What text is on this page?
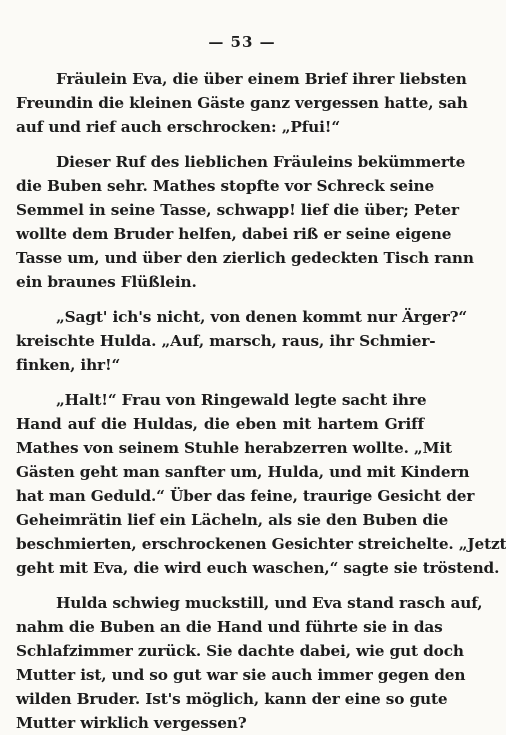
— 53 —
Fräulein Eva, die über einem Brief ihrer liebsten
Freundin die kleinen Gäste ganz vergessen hatte, sah
auf und rief auch erschrocken: „Pfui!“
Dieser Ruf des lieblichen Fräuleins bekümmerte
die Buben sehr. Mathes stopfte vor Schreck seine
Semmel in seine Tasse, schwapp! lief die über; Peter
wollte dem Bruder helfen, dabei riß er seine eigene
Tasse um, und über den zierlich gedeckten Tisch rann
ein braunes Flüßlein.
„Sagt' ich's nicht, von denen kommt nur Ärger?“
kreischte Hulda. „Auf, marsch, raus, ihr Schmier-
finken, ihr!“
„Halt!“ Frau von Ringewald legte sacht ihre
Hand auf die Huldas, die eben mit hartem Griff
Mathes von seinem Stuhle herabzerren wollte. „Mit
Gästen geht man sanfter um, Hulda, und mit Kindern
hat man Geduld.“ Über das feine, traurige Gesicht der
Geheimrätin lief ein Lächeln, als sie den Buben die
beschmierten, erschrockenen Gesichter streichelte. „Jetzt
geht mit Eva, die wird euch waschen,“ sagte sie tröstend.
Hulda schwieg muckstill, und Eva stand rasch auf,
nahm die Buben an die Hand und führte sie in das
Schlafzimmer zurück. Sie dachte dabei, wie gut doch
Mutter ist, und so gut war sie auch immer gegen den
wilden Bruder. Ist's möglich, kann der eine so gute
Mutter wirklich vergessen?
